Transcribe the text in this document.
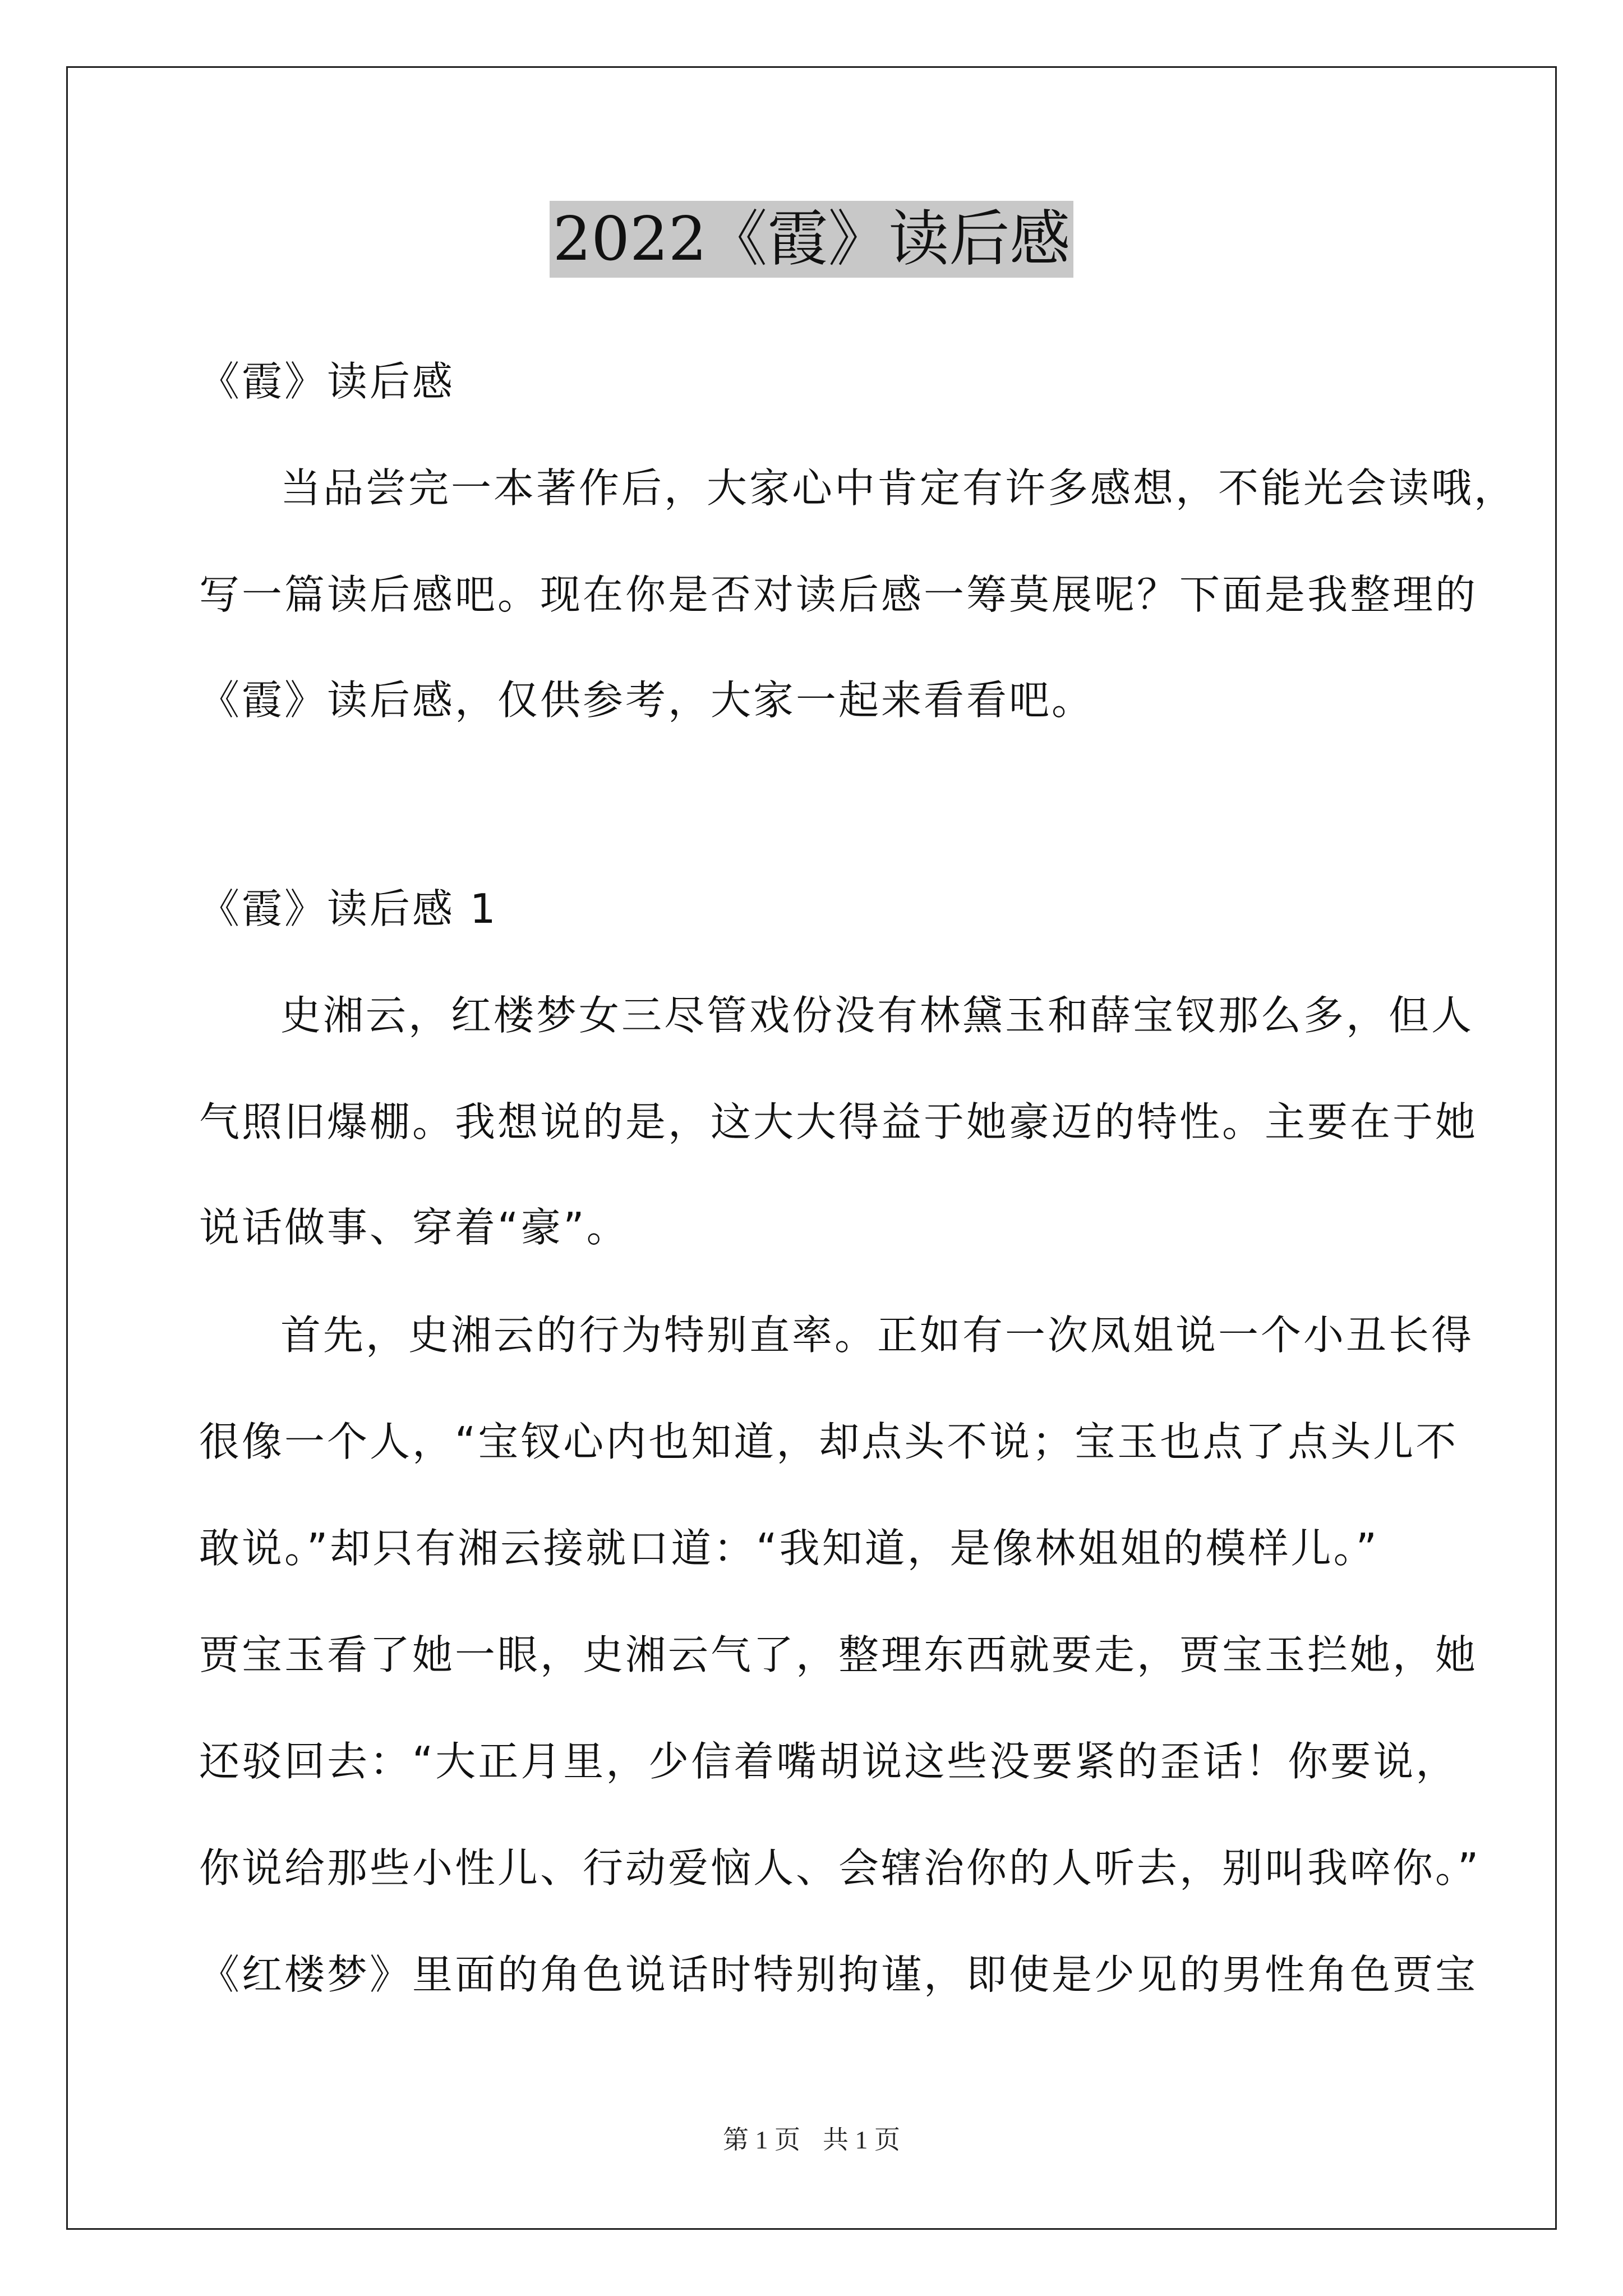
2022《霞》读后感
《霞》读后感
当品尝完一本著作后，大家心中肯定有许多感想，不能光会读哦，
写一篇读后感吧。现在你是否对读后感一筹莫展呢？下面是我整理的
《霞》读后感，仅供参考，大家一起来看看吧。
《霞》读后感 1
史湘云，红楼梦女三尽管戏份没有林黛玉和薛宝钗那么多，但人
气照旧爆棚。我想说的是，这大大得益于她豪迈的特性。主要在于她
说话做事、穿着“豪”。
首先，史湘云的行为特别直率。正如有一次凤姐说一个小丑长得
很像一个人，“宝钗心内也知道，却点头不说；宝玉也点了点头儿不
敢说。”却只有湘云接就口道：“我知道，是像林姐姐的模样儿。”
贾宝玉看了她一眼，史湘云气了，整理东西就要走，贾宝玉拦她，她
还驳回去：“大正月里，少信着嘴胡说这些没要紧的歪话！你要说，
你说给那些小性儿、行动爱恼人、会辖治你的人听去，别叫我啐你。”
《红楼梦》里面的角色说话时特别拘谨，即使是少见的男性角色贾宝
第 1 页 共 1 页
